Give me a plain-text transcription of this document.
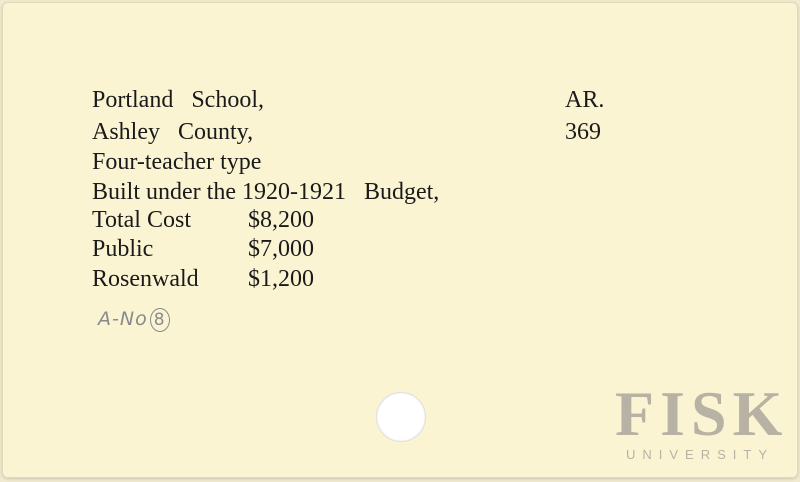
Portland   School,
Ashley   County,
Four-teacher type
Built under the 1920-1921   Budget,
Total Cost $8,200
Public	$7,000
Rosenwald $1,200
AR.
369
A-No 8
FISK
UNIVERSITY
